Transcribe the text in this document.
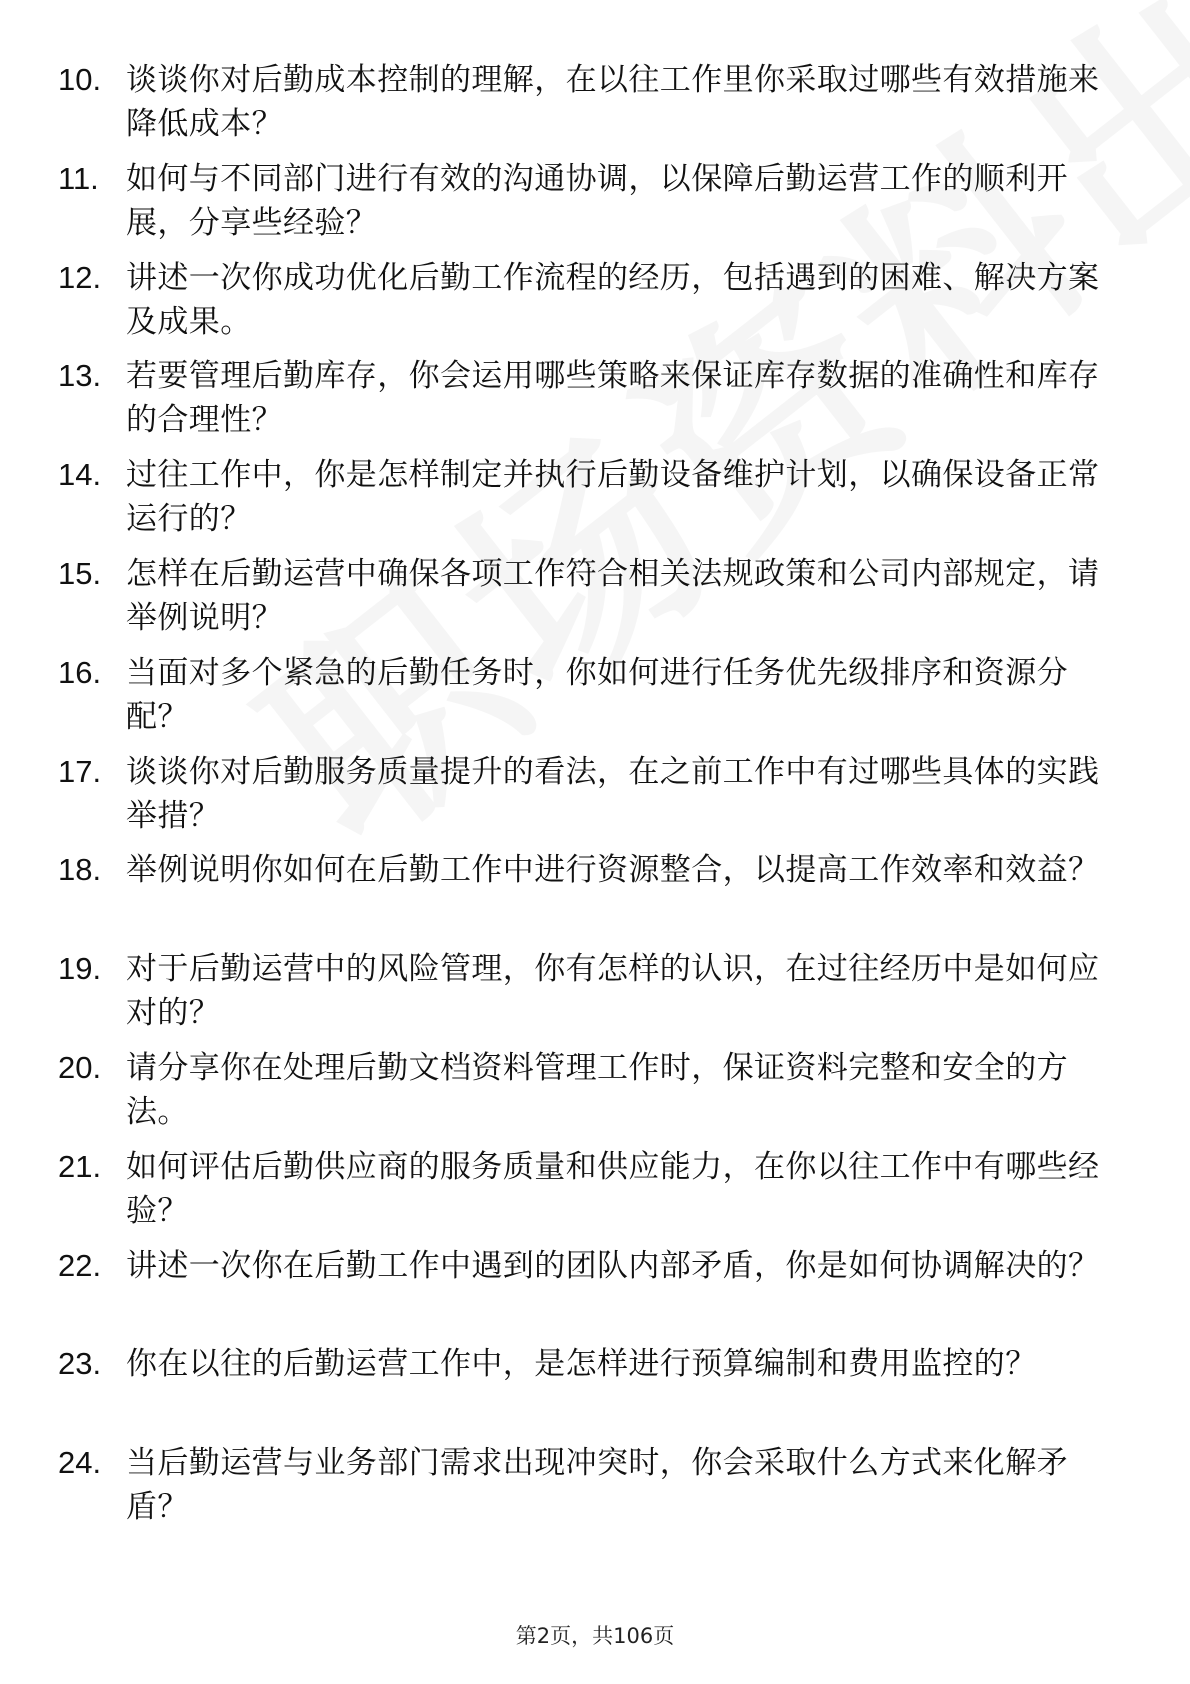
10. 谈谈你对后勤成本控制的理解，在以往工作里你采取过哪些有效措施来降低成本？
11. 如何与不同部门进行有效的沟通协调，以保障后勤运营工作的顺利开展，分享些经验？
12. 讲述一次你成功优化后勤工作流程的经历，包括遇到的困难、解决方案及成果。
13. 若要管理后勤库存，你会运用哪些策略来保证库存数据的准确性和库存的合理性？
14. 过往工作中，你是怎样制定并执行后勤设备维护计划，以确保设备正常运行的？
15. 怎样在后勤运营中确保各项工作符合相关法规政策和公司内部规定，请举例说明？
16. 当面对多个紧急的后勤任务时，你如何进行任务优先级排序和资源分配？
17. 谈谈你对后勤服务质量提升的看法，在之前工作中有过哪些具体的实践举措？
18. 举例说明你如何在后勤工作中进行资源整合，以提高工作效率和效益？
19. 对于后勤运营中的风险管理，你有怎样的认识，在过往经历中是如何应对的？
20. 请分享你在处理后勤文档资料管理工作时，保证资料完整和安全的方法。
21. 如何评估后勤供应商的服务质量和供应能力，在你以往工作中有哪些经验？
22. 讲述一次你在后勤工作中遇到的团队内部矛盾，你是如何协调解决的？
23. 你在以往的后勤运营工作中，是怎样进行预算编制和费用监控的？
24. 当后勤运营与业务部门需求出现冲突时，你会采取什么方式来化解矛盾？
第2页，共106页
